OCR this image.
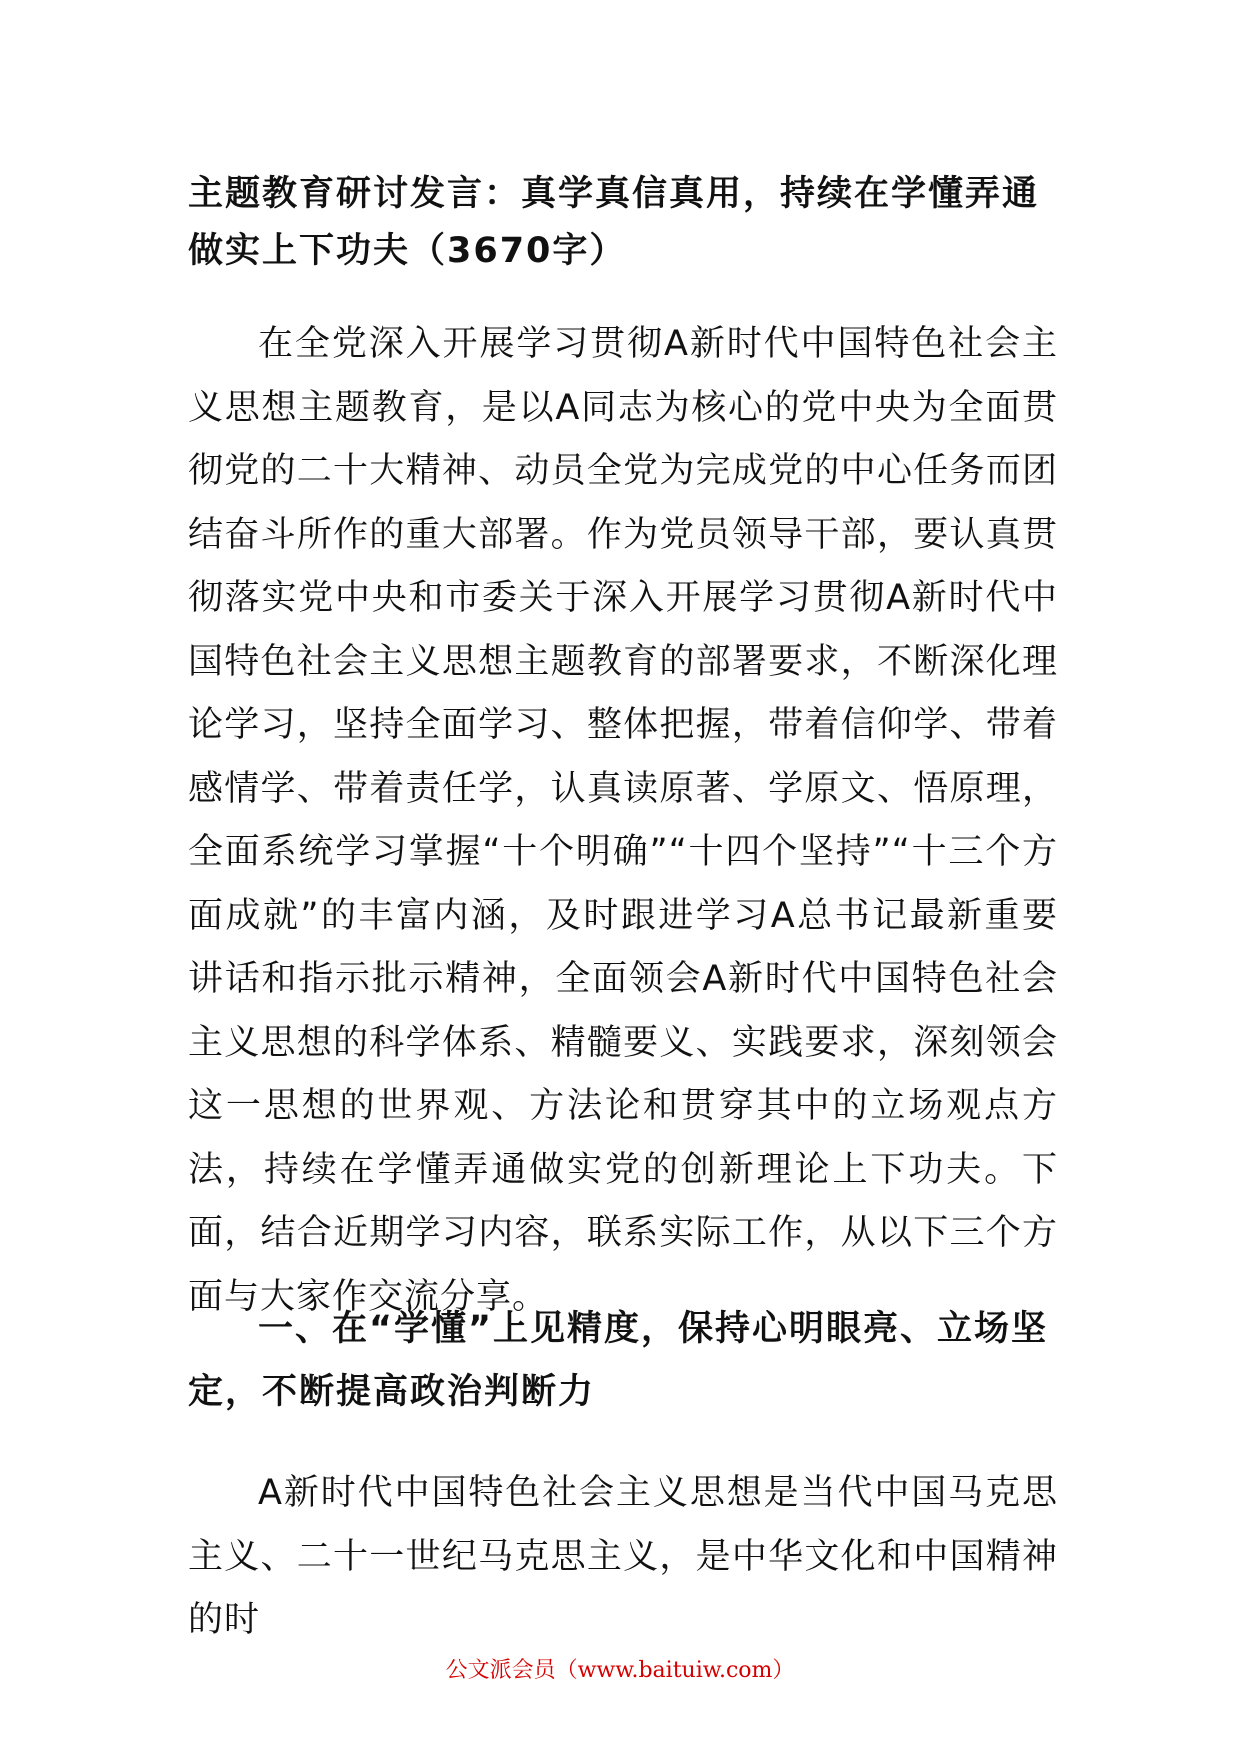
主题教育研讨发言：真学真信真用，持续在学懂弄通做实上下功夫（3670字）

在全党深入开展学习贯彻A新时代中国特色社会主义思想主题教育，是以A同志为核心的党中央为全面贯彻党的二十大精神、动员全党为完成党的中心任务而团结奋斗所作的重大部署。作为党员领导干部，要认真贯彻落实党中央和市委关于深入开展学习贯彻A新时代中国特色社会主义思想主题教育的部署要求，不断深化理论学习，坚持全面学习、整体把握，带着信仰学、带着感情学、带着责任学，认真读原著、学原文、悟原理，全面系统学习掌握“十个明确”“十四个坚持”“十三个方面成就”的丰富内涵，及时跟进学习A总书记最新重要讲话和指示批示精神，全面领会A新时代中国特色社会主义思想的科学体系、精髓要义、实践要求，深刻领会这一思想的世界观、方法论和贯穿其中的立场观点方法，持续在学懂弄通做实党的创新理论上下功夫。下面，结合近期学习内容，联系实际工作，从以下三个方面与大家作交流分享。

一、在“学懂”上见精度，保持心明眼亮、立场坚定，不断提高政治判断力

A新时代中国特色社会主义思想是当代中国马克思主义、二十一世纪马克思主义，是中华文化和中国精神的时

公文派会员（www.baituiw.com）
